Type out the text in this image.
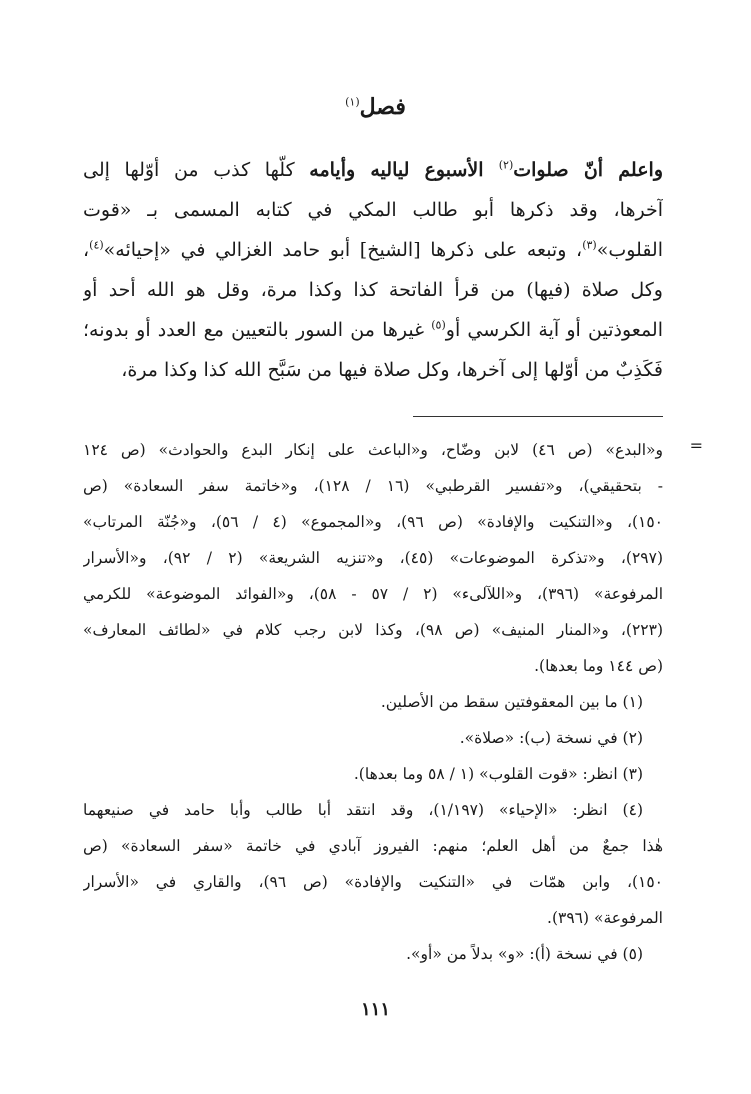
فصل$^{(١)}$
واعلم أنّ صلوات$^{(٢)}$ الأسبوع لياليه وأيامه كلّها كذب من أوّلها إلى
آخرها، وقد ذكرها أبو طالب المكي في كتابه المسمى بـ «قوت
القلوب»$^{(٣)}$، وتبعه على ذكرها [الشيخ] أبو حامد الغزالي في «إحيائه»$^{(٤)}$،
وكل صلاة (فيها) من قرأ الفاتحة كذا وكذا مرة، وقل هو الله أحد أو
المعوذتين أو آية الكرسي أو$^{(٥)}$ غيرها من السور بالتعيين مع العدد أو بدونه؛
فَكَذِبٌ من أوّلها إلى آخرها، وكل صلاة فيها من سَبَّح الله كذا وكذا مرة،
=
و«البدع» (ص ٤٦) لابن وضّاح، و«الباعث على إنكار البدع والحوادث» (ص ١٢٤
- بتحقيقي)، و«تفسير القرطبي» (١٦ / ١٢٨)، و«خاتمة سفر السعادة» (ص
١٥٠)، و«التنكيت والإفادة» (ص ٩٦)، و«المجموع» (٤ / ٥٦)، و«جُنّة المرتاب»
(٢٩٧)، و«تذكرة الموضوعات» (٤٥)، و«تنزيه الشريعة» (٢ / ٩٢)، و«الأسرار
المرفوعة» (٣٩٦)، و«اللآلىء» (٢ / ٥٧ - ٥٨)، و«الفوائد الموضوعة» للكرمي
(٢٢٣)، و«المنار المنيف» (ص ٩٨)، وكذا لابن رجب كلام في «لطائف المعارف»
(ص ١٤٤ وما بعدها).
(١) ما بين المعقوفتين سقط من الأصلين.
(٢) في نسخة (ب): «صلاة».
(٣) انظر: «قوت القلوب» (١ / ٥٨ وما بعدها).
(٤) انظر: «الإحياء» (١/١٩٧)، وقد انتقد أبا طالب وأبا حامد في صنيعهما
هٰذا جمعٌ من أهل العلم؛ منهم: الفيروز آبادي في خاتمة «سفر السعادة» (ص
١٥٠)، وابن همّات في «التنكيت والإفادة» (ص ٩٦)، والقاري في «الأسرار
المرفوعة» (٣٩٦).
(٥) في نسخة (أ): «و» بدلاً من «أو».
١١١
